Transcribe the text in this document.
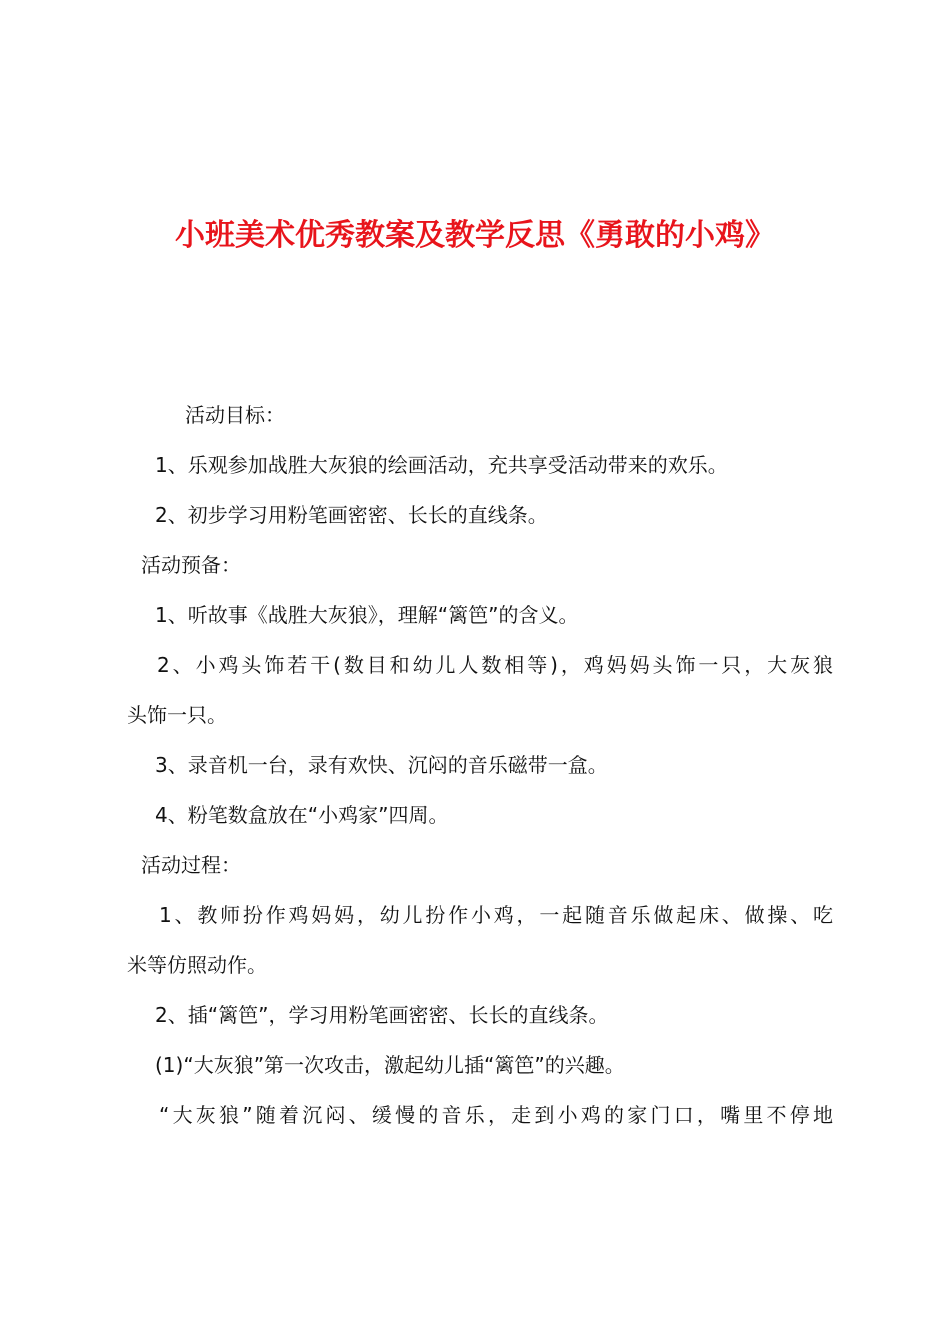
小班美术优秀教案及教学反思《勇敢的小鸡》

活动目标：

1、乐观参加战胜大灰狼的绘画活动，充共享受活动带来的欢乐。

2、初步学习用粉笔画密密、长长的直线条。

活动预备：

1、听故事《战胜大灰狼》，理解“篱笆”的含义。

2、小鸡头饰若干(数目和幼儿人数相等)，鸡妈妈头饰一只，大灰狼

头饰一只。

3、录音机一台，录有欢快、沉闷的音乐磁带一盒。

4、粉笔数盒放在“小鸡家”四周。

活动过程：

1、教师扮作鸡妈妈，幼儿扮作小鸡，一起随音乐做起床、做操、吃

米等仿照动作。

2、插“篱笆”，学习用粉笔画密密、长长的直线条。

(1)“大灰狼”第一次攻击，激起幼儿插“篱笆”的兴趣。

“大灰狼”随着沉闷、缓慢的音乐，走到小鸡的家门口，嘴里不停地
